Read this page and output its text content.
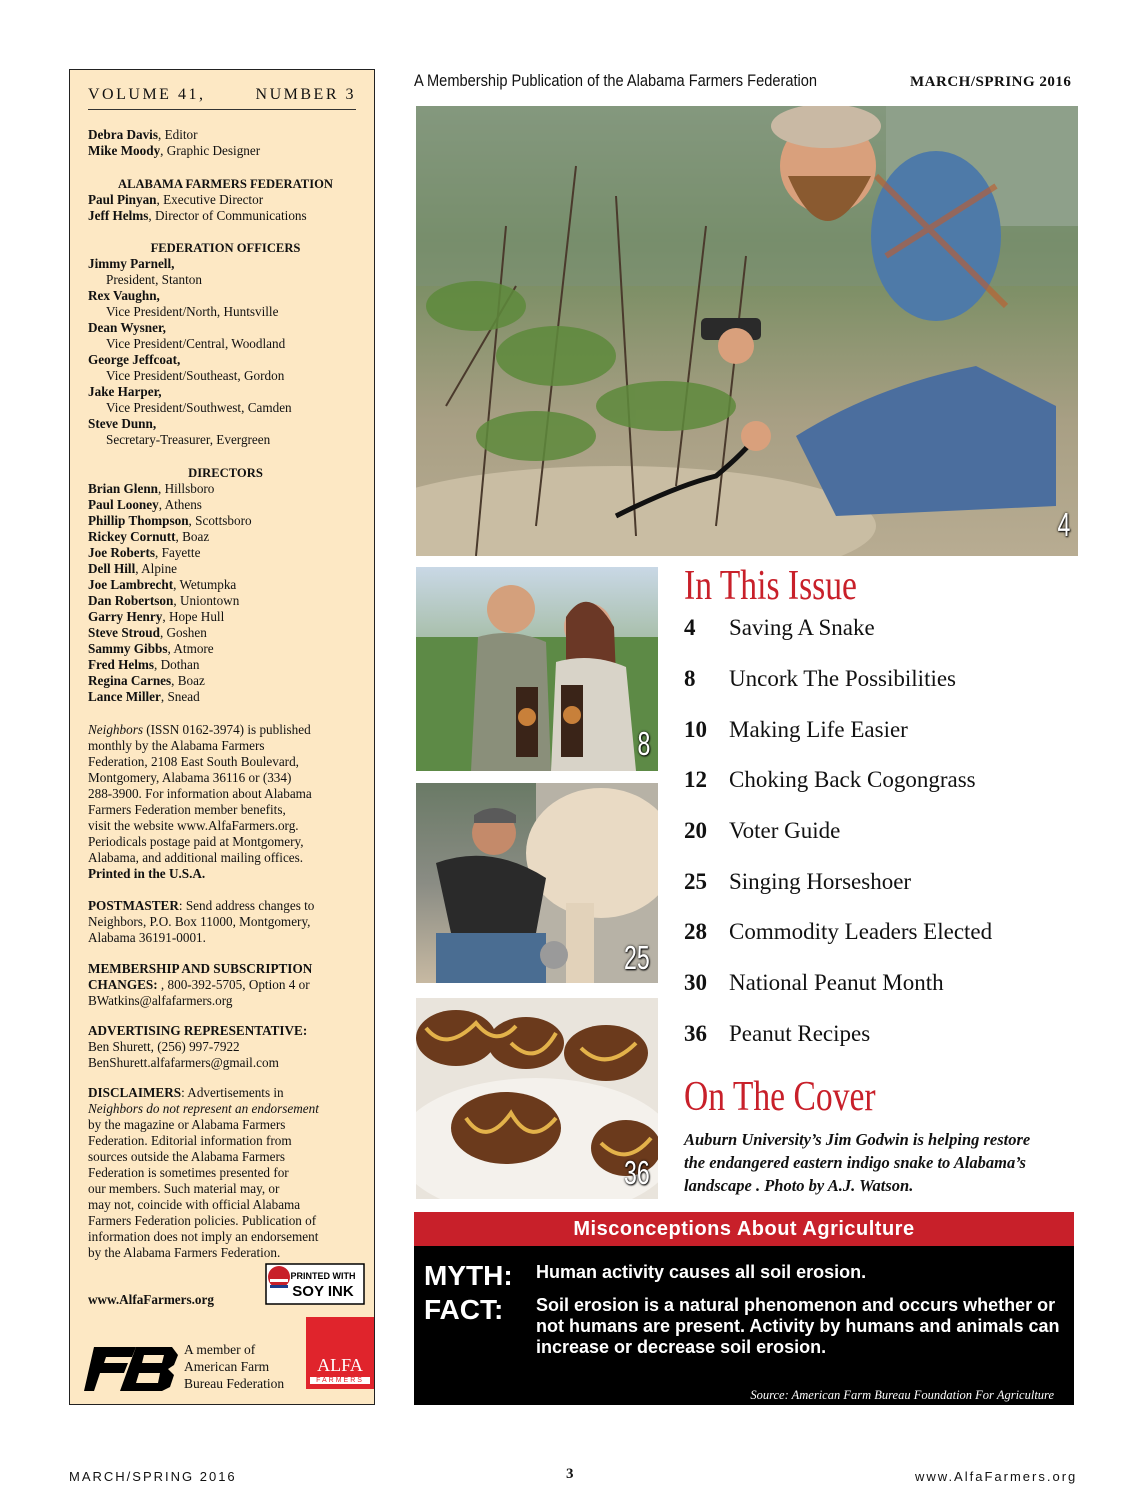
VOLUME 41,	NUMBER 3
Debra Davis, Editor
Mike Moody, Graphic Designer
ALABAMA FARMERS FEDERATION
Paul Pinyan, Executive Director
Jeff Helms, Director of Communications
FEDERATION OFFICERS
Jimmy Parnell,
President, Stanton
Rex Vaughn,
Vice President/North, Huntsville
Dean Wysner,
Vice President/Central, Woodland
George Jeffcoat,
Vice President/Southeast, Gordon
Jake Harper,
Vice President/Southwest, Camden
Steve Dunn,
Secretary-Treasurer, Evergreen
DIRECTORS
Brian Glenn, Hillsboro
Paul Looney, Athens
Phillip Thompson, Scottsboro
Rickey Cornutt, Boaz
Joe Roberts, Fayette
Dell Hill, Alpine
Joe Lambrecht, Wetumpka
Dan Robertson, Uniontown
Garry Henry, Hope Hull
Steve Stroud, Goshen
Sammy Gibbs, Atmore
Fred Helms, Dothan
Regina Carnes, Boaz
Lance Miller, Snead
Neighbors (ISSN 0162-3974) is published
monthly by the Alabama Farmers
Federation, 2108 East South Boulevard,
Montgomery, Alabama 36116 or (334)
288-3900. For information about Alabama
Farmers Federation member benefits,
visit the website www.AlfaFarmers.org.
Periodicals postage paid at Montgomery,
Alabama, and additional mailing offices.
Printed in the U.S.A.
POSTMASTER: Send address changes to
Neighbors, P.O. Box 11000, Montgomery,
Alabama 36191-0001.
MEMBERSHIP AND SUBSCRIPTION
CHANGES: , 800-392-5705, Option 4 or
BWatkins@alfafarmers.org
ADVERTISING REPRESENTATIVE:
Ben Shurett, (256) 997-7922
BenShurett.alfafarmers@gmail.com
DISCLAIMERS: Advertisements in
Neighbors do not represent an endorsement
by the magazine or Alabama Farmers
Federation. Editorial information from
sources outside the Alabama Farmers
Federation is sometimes presented for
our members. Such material may, or
may not, coincide with official Alabama
Farmers Federation policies. Publication of
information does not imply an endorsement
by the Alabama Farmers Federation.
www.AlfaFarmers.org
PRINTED WITH
SOY INK
A member of
American Farm
Bureau Federation
ALFA
FARMERS
A Membership Publication of the Alabama Farmers Federation	MARCH/SPRING 2016
4
8
25
36
In This Issue
4 Saving A Snake
8 Uncork The Possibilities
10 Making Life Easier
12 Choking Back Cogongrass
20 Voter Guide
25 Singing Horseshoer
28 Commodity Leaders Elected
30 National Peanut Month
36 Peanut Recipes
On The Cover
Auburn University’s Jim Godwin is helping restore
the endangered eastern indigo snake to Alabama’s
landscape . Photo by A.J. Watson.
Misconceptions About Agriculture
MYTH: Human activity causes all soil erosion.
FACT: Soil erosion is a natural phenomenon and occurs whether or not humans are present. Activity by humans and animals can increase or decrease soil erosion.
Source: American Farm Bureau Foundation For Agriculture
MARCH/SPRING 2016	3	www.AlfaFarmers.org
